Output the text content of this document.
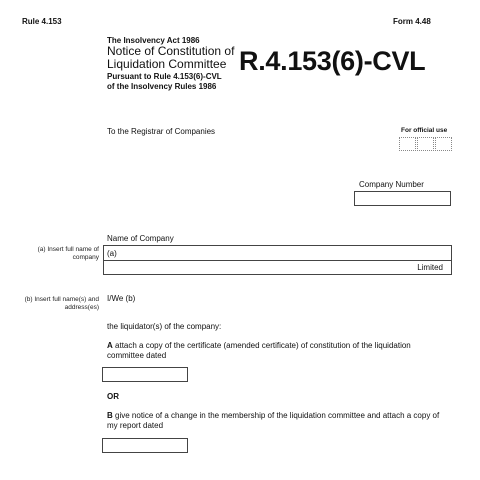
Rule 4.153	Form 4.48
The Insolvency Act 1986
Notice of Constitution of
Liquidation Committee
Pursuant to Rule 4.153(6)-CVL
of the Insolvency Rules 1986
R.4.153(6)-CVL
To the Registrar of Companies	For official use
Company Number
Name of Company
(a) Insert full name of
company (a)
Limited
(b) Insert full name(s) and
address(es)
I/We (b)
the liquidator(s) of the company:
A attach a copy of the certificate (amended certificate) of constitution of the liquidation
committee dated
OR
B give notice of a change in the membership of the liquidation committee and attach a copy of
my report dated
